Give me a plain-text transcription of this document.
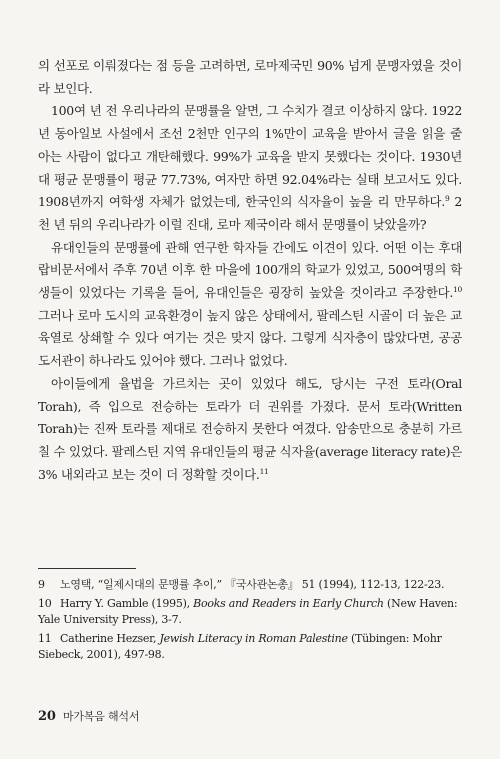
의 선포로 이뤄졌다는 점 등을 고려하면, 로마제국민 90% 넘게 문맹자였을 것이라 보인다.

100여 년 전 우리나라의 문맹률을 알면, 그 수치가 결코 이상하지 않다. 1922년 동아일보 사설에서 조선 2천만 인구의 1%만이 교육을 받아서 글을 읽을 줄 아는 사람이 없다고 개탄해했다. 99%가 교육을 받지 못했다는 것이다. 1930년대 평균 문맹률이 평균 77.73%, 여자만 하면 92.04%라는 실태 보고서도 있다. 1908년까지 여학생 자체가 없었는데, 한국인의 식자율이 높을 리 만무하다.$^9$ 2천 년 뒤의 우리나라가 이럴 진대, 로마 제국이라 해서 문맹률이 낮았을까?

유대인들의 문맹률에 관해 연구한 학자들 간에도 이견이 있다. 어떤 이는 후대 랍비문서에서 주후 70년 이후 한 마을에 100개의 학교가 있었고, 500여명의 학생들이 있었다는 기록을 들어, 유대인들은 굉장히 높았을 것이라고 주장한다.$^{10}$ 그러나 로마 도시의 교육환경이 높지 않은 상태에서, 팔레스틴 시골이 더 높은 교육열로 상쇄할 수 있다 여기는 것은 맞지 않다. 그렇게 식자층이 많았다면, 공공도서관이 하나라도 있어야 했다. 그러나 없었다.

아이들에게 율법을 가르치는 곳이 있었다 해도, 당시는 구전 토라(Oral Torah), 즉 입으로 전승하는 토라가 더 권위를 가졌다. 문서 토라(Written Torah)는 진짜 토라를 제대로 전승하지 못한다 여겼다. 암송만으로 충분히 가르칠 수 있었다. 팔레스틴 지역 유대인들의 평균 식자율(average literacy rate)은 3% 내외라고 보는 것이 더 정확할 것이다.$^{11}$

9 노영택, “일제시대의 문맹률 추이,” 『국사관논총』 51 (1994), 112-13, 122-23.
10 Harry Y. Gamble (1995), Books and Readers in Early Church (New Haven: Yale University Press), 3-7.
11 Catherine Hezser, Jewish Literacy in Roman Palestine (Tübingen: Mohr Siebeck, 2001), 497-98.
20 마가복음 해석서
